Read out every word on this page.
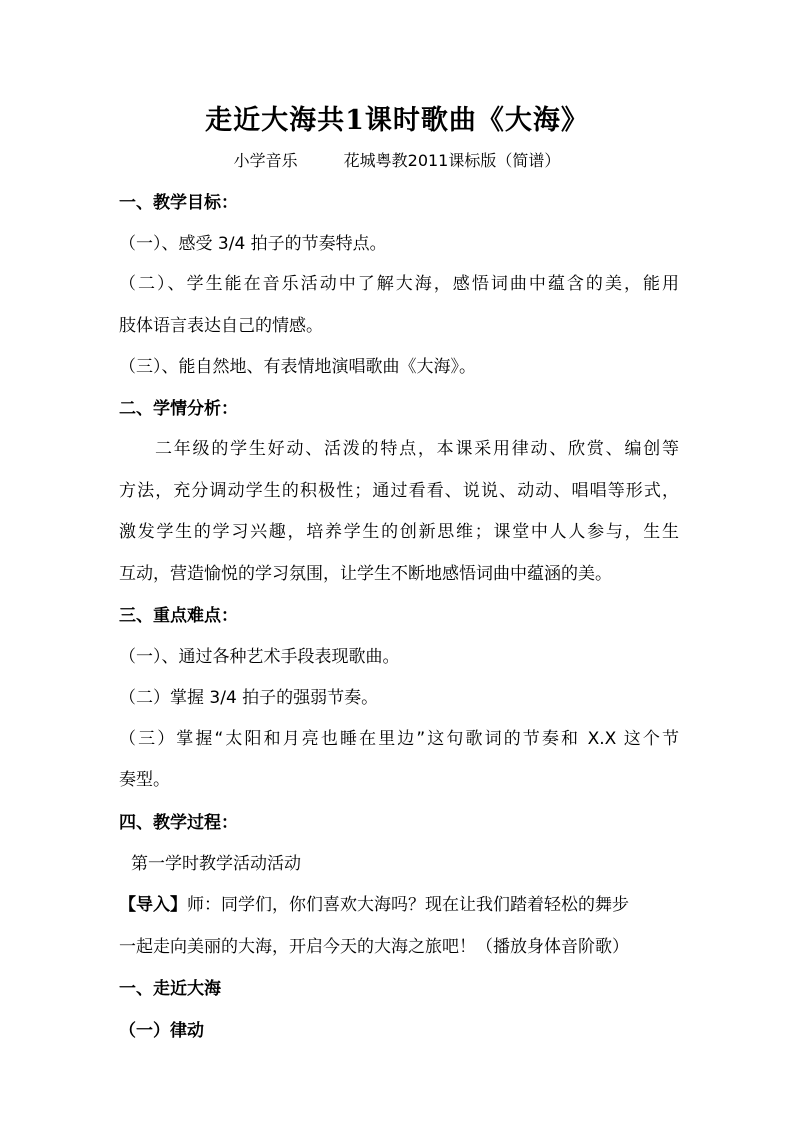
走近大海共1课时歌曲《大海》
小学音乐	花城粤教2011课标版（简谱）
一、教学目标：
（一）、感受 3/4 拍子的节奏特点。
（二）、学生能在音乐活动中了解大海，感悟词曲中蕴含的美，能用
肢体语言表达自己的情感。
（三）、能自然地、有表情地演唱歌曲《大海》。
二、学情分析：
二年级的学生好动、活泼的特点，本课采用律动、欣赏、编创等
方法，充分调动学生的积极性；通过看看、说说、动动、唱唱等形式，
激发学生的学习兴趣，培养学生的创新思维；课堂中人人参与，生生
互动，营造愉悦的学习氛围，让学生不断地感悟词曲中蕴涵的美。
三、重点难点：
（一）、通过各种艺术手段表现歌曲。
（二）掌握 3/4 拍子的强弱节奏。
（三）掌握“太阳和月亮也睡在里边”这句歌词的节奏和 X.X 这个节
奏型。
四、教学过程：
第一学时教学活动活动
【导入】师：同学们，你们喜欢大海吗？现在让我们踏着轻松的舞步
一起走向美丽的大海，开启今天的大海之旅吧！（播放身体音阶歌）
一、走近大海
（一）律动
